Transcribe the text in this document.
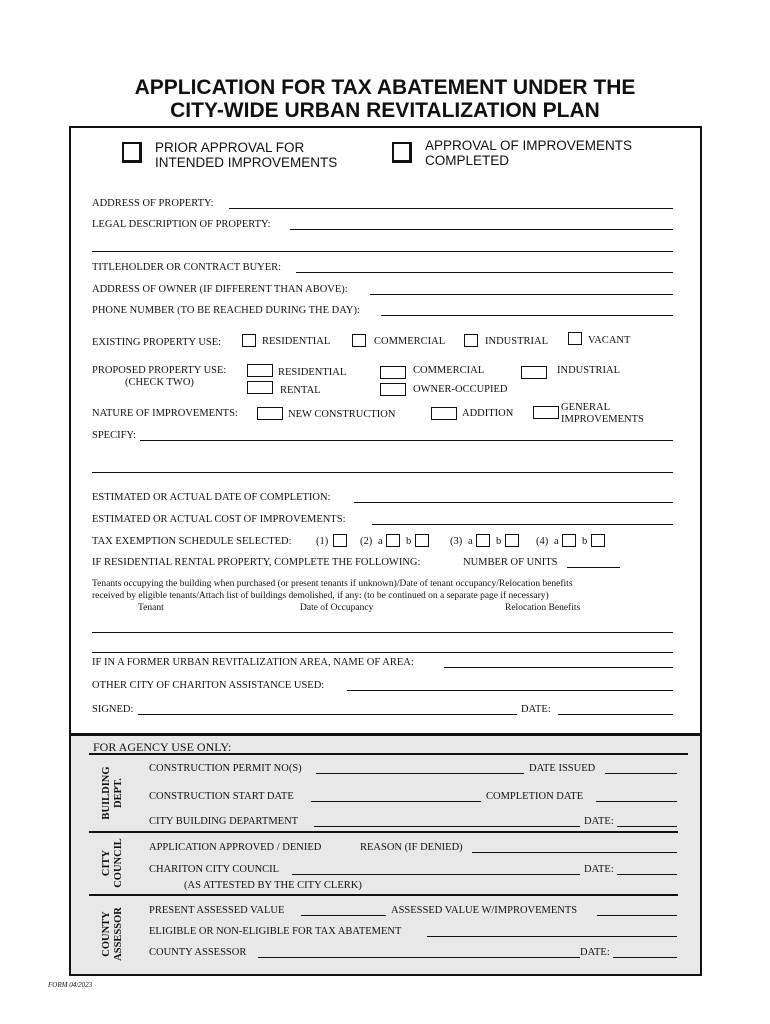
APPLICATION FOR TAX ABATEMENT UNDER THE
CITY-WIDE URBAN REVITALIZATION PLAN
PRIOR APPROVAL FOR
INTENDED IMPROVEMENTS
APPROVAL OF IMPROVEMENTS
COMPLETED
ADDRESS OF PROPERTY:
LEGAL DESCRIPTION OF PROPERTY:
TITLEHOLDER OR CONTRACT BUYER:
ADDRESS OF OWNER (IF DIFFERENT THAN ABOVE):
PHONE NUMBER (TO BE REACHED DURING THE DAY):
EXISTING PROPERTY USE:	RESIDENTIAL	COMMERCIAL	INDUSTRIAL	VACANT
PROPOSED PROPERTY USE:
(CHECK TWO)
RESIDENTIAL
RENTAL
COMMERCIAL
OWNER-OCCUPIED
INDUSTRIAL
NATURE OF IMPROVEMENTS:	NEW CONSTRUCTION	ADDITION
GENERAL
IMPROVEMENTS
SPECIFY:
ESTIMATED OR ACTUAL DATE OF COMPLETION:
ESTIMATED OR ACTUAL COST OF IMPROVEMENTS:
TAX EXEMPTION SCHEDULE SELECTED: (1)	(2) a b	(3) a b	(4) a b
IF RESIDENTIAL RENTAL PROPERTY, COMPLETE THE FOLLOWING:	NUMBER OF UNITS
Tenants occupying the building when purchased (or present tenants if unknown)/Date of tenant occupancy/Relocation benefits
received by eligible tenants/Attach list of buildings demolished, if any: (to be continued on a separate page if necessary)
Tenant	Date of Occupancy	Relocation Benefits
IF IN A FORMER URBAN REVITALIZATION AREA, NAME OF AREA:
OTHER CITY OF CHARITON ASSISTANCE USED:
SIGNED:	DATE:
FOR AGENCY USE ONLY:
BUILDING DEPT.
CONSTRUCTION PERMIT NO(S)	DATE ISSUED
CONSTRUCTION START DATE	COMPLETION DATE
CITY BUILDING DEPARTMENT	DATE:
CITY COUNCIL APPLICATION APPROVED / DENIED	REASON (IF DENIED)
CHARITON CITY COUNCIL	DATE:
(AS ATTESTED BY THE CITY CLERK)
COUNTY ASSESSOR PRESENT ASSESSED VALUE	ASSESSED VALUE W/IMPROVEMENTS
ELIGIBLE OR NON-ELIGIBLE FOR TAX ABATEMENT
COUNTY ASSESSOR	DATE:
FORM 04/2023
